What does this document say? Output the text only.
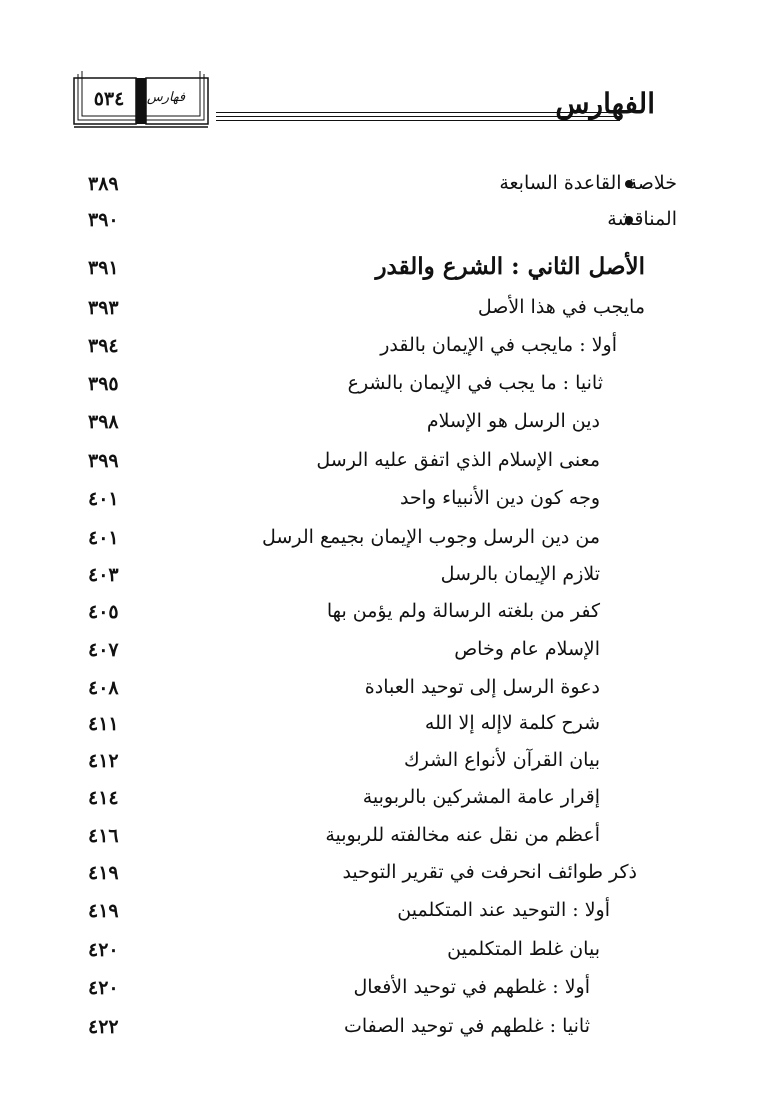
٥٣٤ فهارس	الفهارس
٣٨٩	خلاصة القاعدة السابعة
٣٩٠	المناقشة
٣٩١	الأصل الثاني : الشرع والقدر
٣٩٣	مايجب في هذا الأصل
٣٩٤	أولا : مايجب في الإيمان بالقدر
٣٩٥	ثانيا : ما يجب في الإيمان بالشرع
٣٩٨	دين الرسل هو الإسلام
٣٩٩	معنى الإسلام الذي اتفق عليه الرسل
٤٠١	وجه كون دين الأنبياء واحد
٤٠١	من دين الرسل وجوب الإيمان بجيمع الرسل
٤٠٣	تلازم الإيمان بالرسل
٤٠٥	كفر من بلغته الرسالة ولم يؤمن بها
٤٠٧	الإسلام عام وخاص
٤٠٨	دعوة الرسل إلى توحيد العبادة
٤١١	شرح كلمة لاإله إلا الله
٤١٢	بيان القرآن لأنواع الشرك
٤١٤	إقرار عامة المشركين بالربوبية
٤١٦	أعظم من نقل عنه مخالفته للربوبية
٤١٩	ذكر طوائف انحرفت في تقرير التوحيد
٤١٩	أولا : التوحيد عند المتكلمين
٤٢٠	بيان غلط المتكلمين
٤٢٠	أولا : غلطهم في توحيد الأفعال
٤٢٢	ثانيا : غلطهم في توحيد الصفات
